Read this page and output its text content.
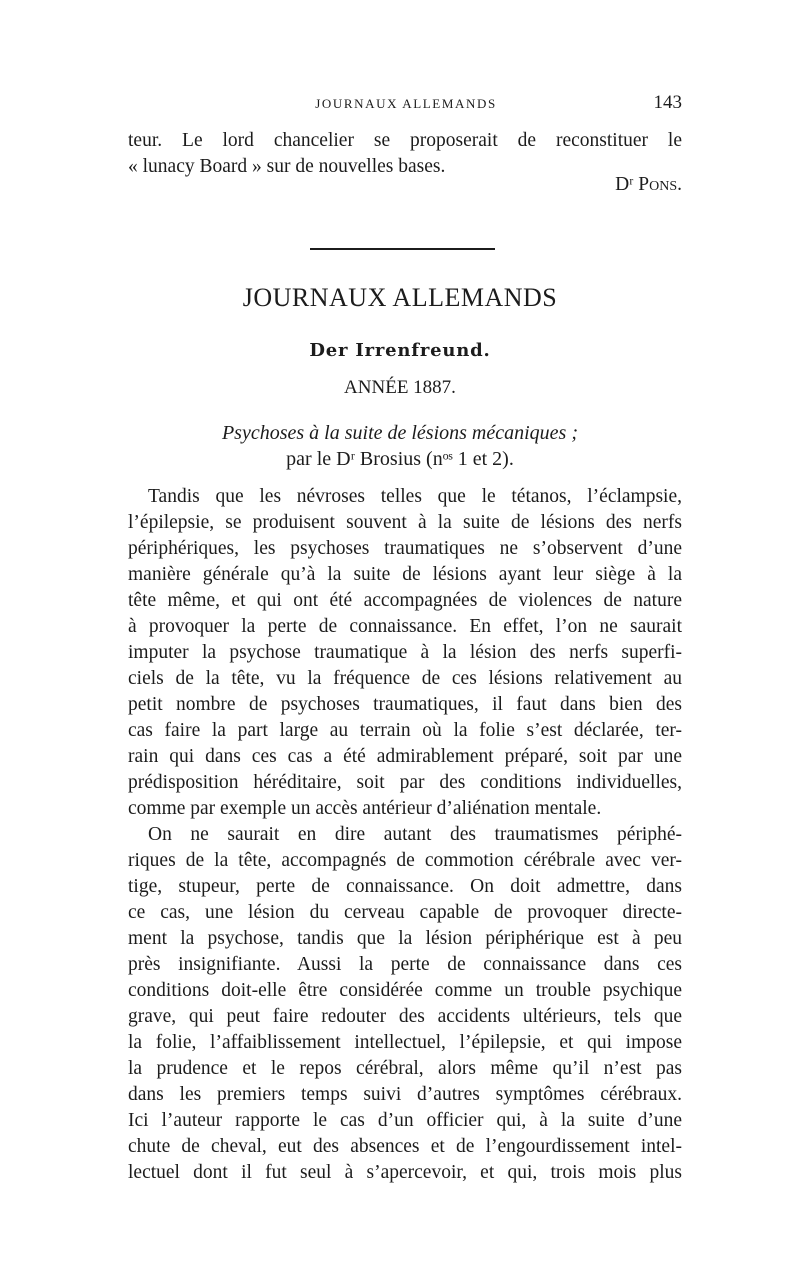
JOURNAUX ALLEMANDS	143
teur. Le lord chancelier se proposerait de reconstituer le
« lunacy Board » sur de nouvelles bases.
Dʳ Pons.
JOURNAUX ALLEMANDS
Der Irrenfreund.
ANNÉE 1887.
Psychoses à la suite de lésions mécaniques ;
par le Dʳ Brosius (nᵒˢ 1 et 2).
Tandis que les névroses telles que le tétanos, l’éclampsie,
l’épilepsie, se produisent souvent à la suite de lésions des nerfs
périphériques, les psychoses traumatiques ne s’observent d’une
manière générale qu’à la suite de lésions ayant leur siège à la
tête même, et qui ont été accompagnées de violences de nature
à provoquer la perte de connaissance. En effet, l’on ne saurait
imputer la psychose traumatique à la lésion des nerfs superfi-
ciels de la tête, vu la fréquence de ces lésions relativement au
petit nombre de psychoses traumatiques, il faut dans bien des
cas faire la part large au terrain où la folie s’est déclarée, ter-
rain qui dans ces cas a été admirablement préparé, soit par une
prédisposition héréditaire, soit par des conditions individuelles,
comme par exemple un accès antérieur d’aliénation mentale.
On ne saurait en dire autant des traumatismes périphé-
riques de la tête, accompagnés de commotion cérébrale avec ver-
tige, stupeur, perte de connaissance. On doit admettre, dans
ce cas, une lésion du cerveau capable de provoquer directe-
ment la psychose, tandis que la lésion périphérique est à peu
près insignifiante. Aussi la perte de connaissance dans ces
conditions doit-elle être considérée comme un trouble psychique
grave, qui peut faire redouter des accidents ultérieurs, tels que
la folie, l’affaiblissement intellectuel, l’épilepsie, et qui impose
la prudence et le repos cérébral, alors même qu’il n’est pas
dans les premiers temps suivi d’autres symptômes cérébraux.
Ici l’auteur rapporte le cas d’un officier qui, à la suite d’une
chute de cheval, eut des absences et de l’engourdissement intel-
lectuel dont il fut seul à s’apercevoir, et qui, trois mois plus
